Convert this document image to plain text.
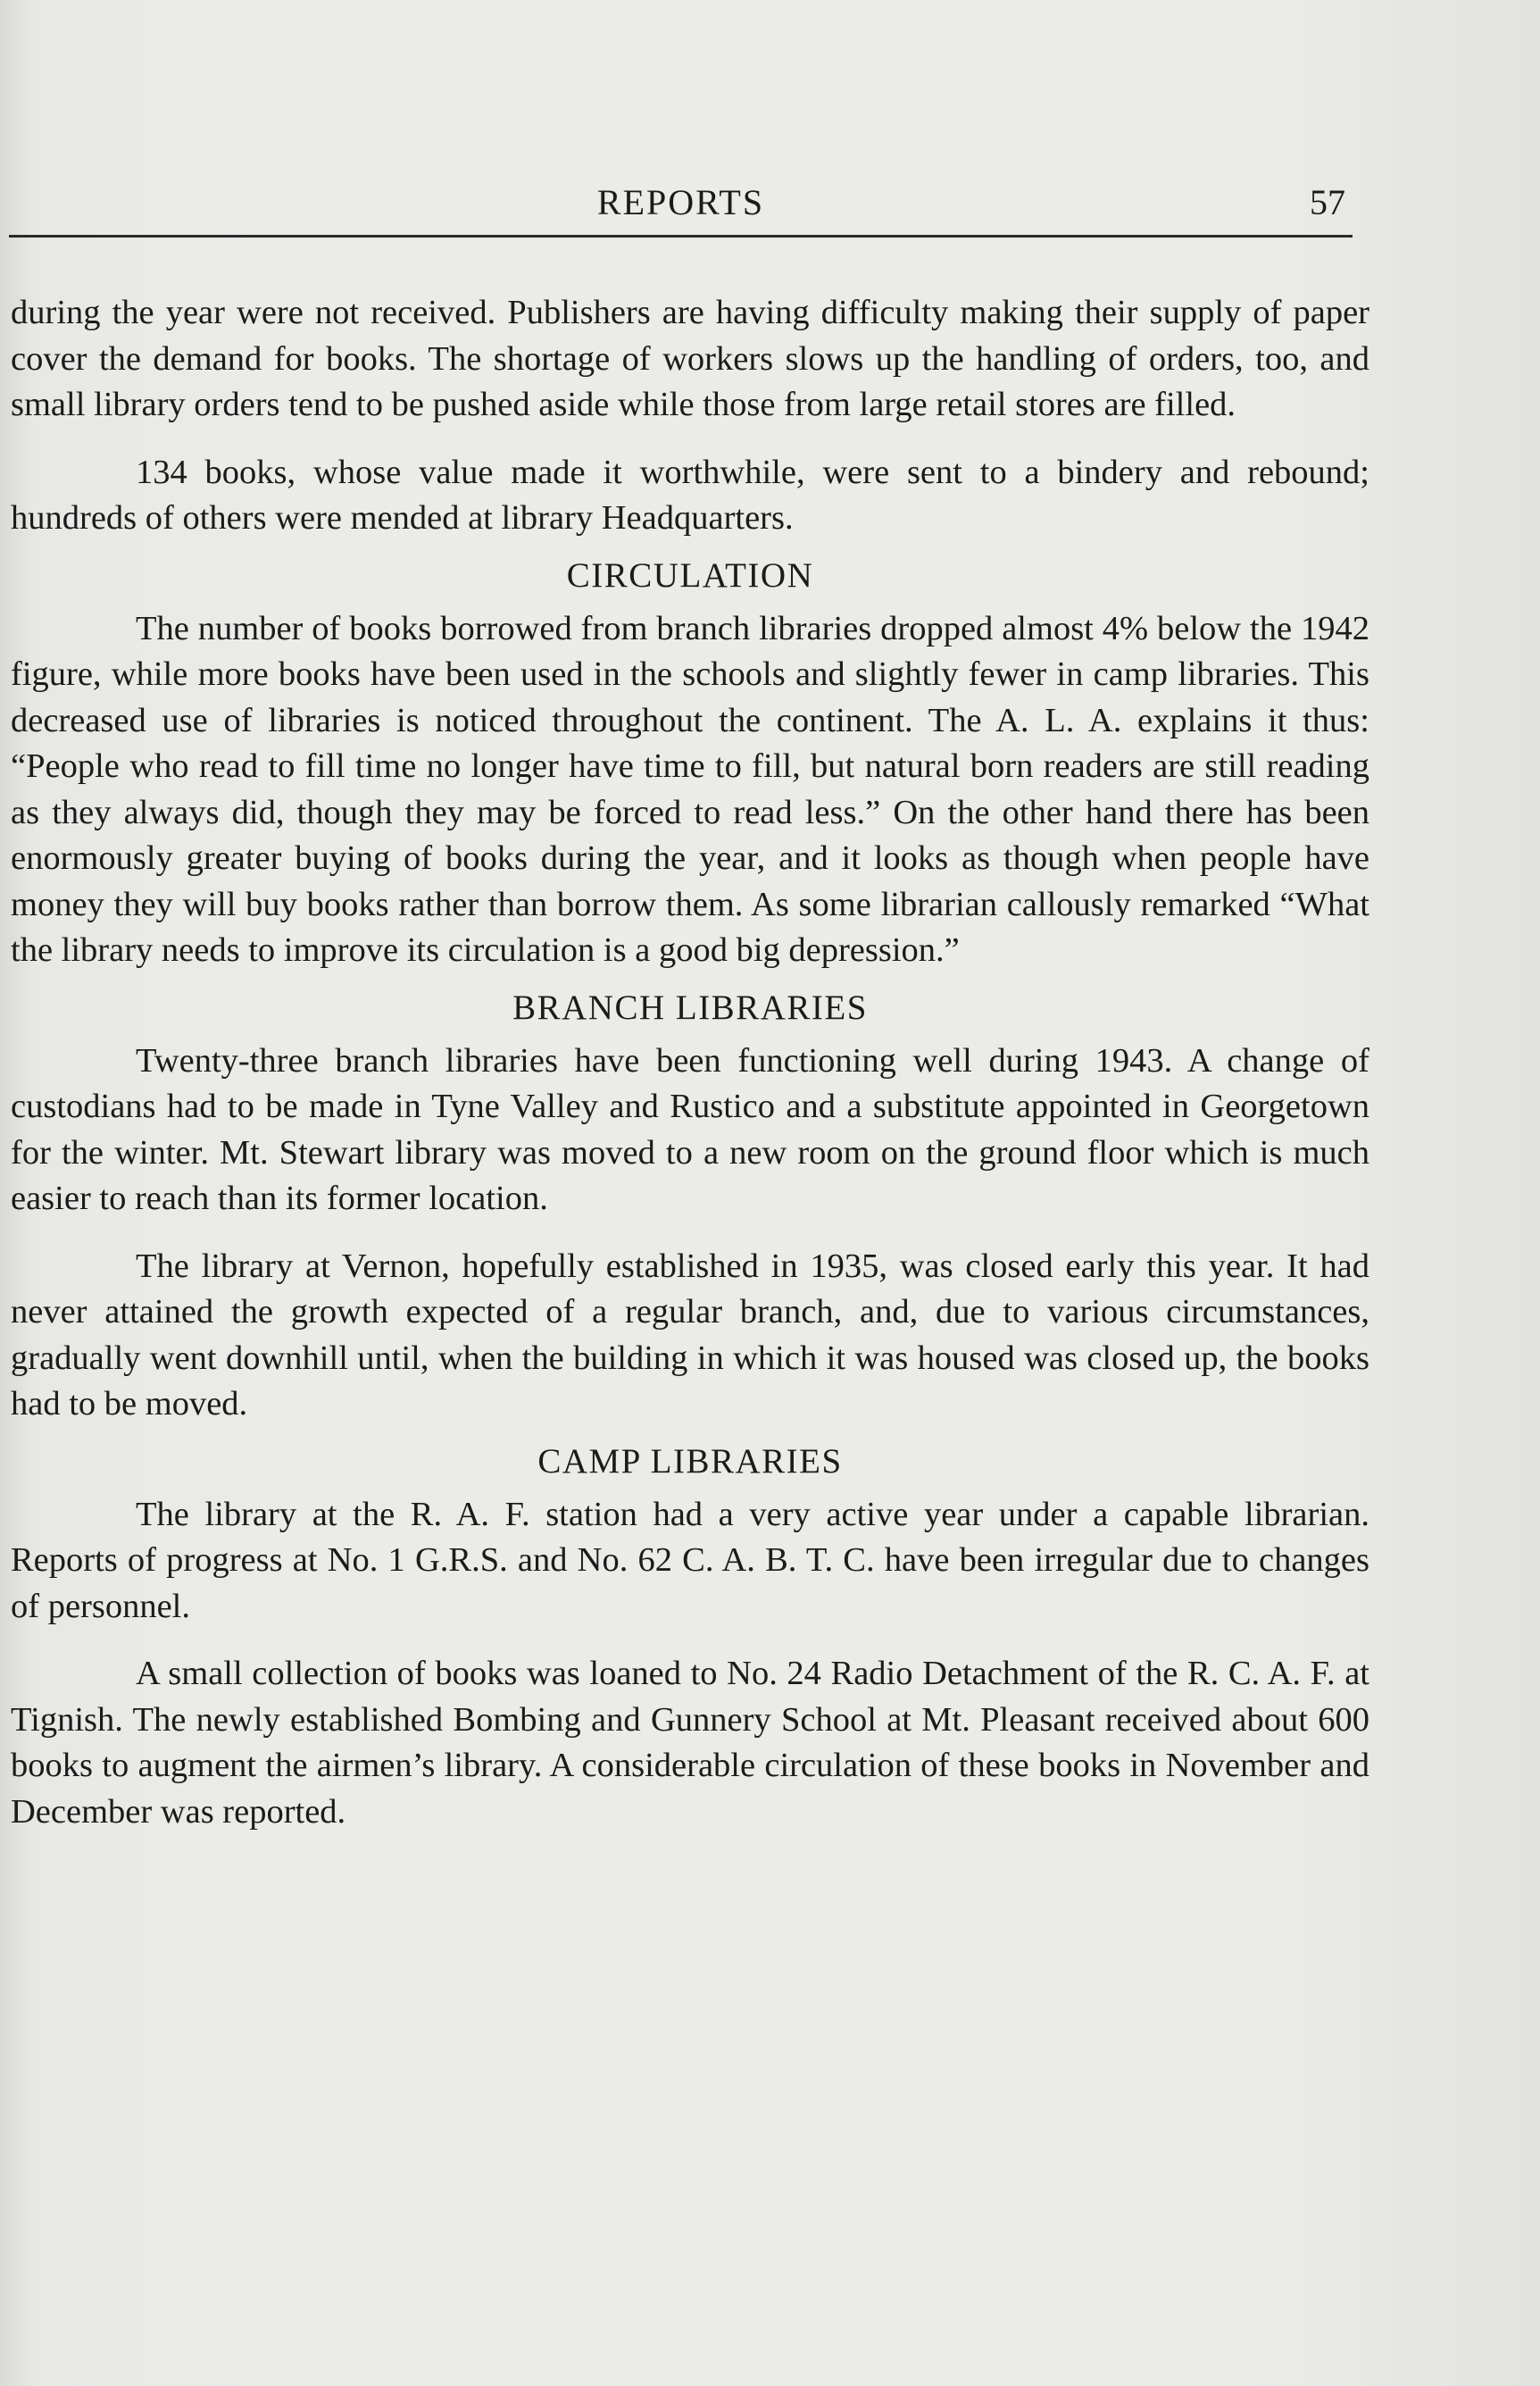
REPORTS	57

during the year were not received. Publishers are having difficulty making their supply of paper cover the demand for books. The shortage of workers slows up the handling of orders, too, and small library orders tend to be pushed aside while those from large retail stores are filled.

134 books, whose value made it worthwhile, were sent to a bindery and rebound; hundreds of others were mended at library Headquarters.

CIRCULATION

The number of books borrowed from branch libraries dropped almost 4% below the 1942 figure, while more books have been used in the schools and slightly fewer in camp libraries. This decreased use of libraries is noticed throughout the continent. The A. L. A. explains it thus: “People who read to fill time no longer have time to fill, but natural born readers are still reading as they always did, though they may be forced to read less.” On the other hand there has been enormously greater buying of books during the year, and it looks as though when people have money they will buy books rather than borrow them. As some librarian callously remarked “What the library needs to improve its circulation is a good big depression.”

BRANCH LIBRARIES

Twenty-three branch libraries have been functioning well during 1943. A change of custodians had to be made in Tyne Valley and Rustico and a substitute appointed in Georgetown for the winter. Mt. Stewart library was moved to a new room on the ground floor which is much easier to reach than its former location.

The library at Vernon, hopefully established in 1935, was closed early this year. It had never attained the growth expected of a regular branch, and, due to various circumstances, gradually went downhill until, when the building in which it was housed was closed up, the books had to be moved.

CAMP LIBRARIES

The library at the R. A. F. station had a very active year under a capable librarian. Reports of progress at No. 1 G.R.S. and No. 62 C. A. B. T. C. have been irregular due to changes of personnel.

A small collection of books was loaned to No. 24 Radio Detachment of the R. C. A. F. at Tignish. The newly established Bombing and Gunnery School at Mt. Pleasant received about 600 books to augment the airmen’s library. A considerable circulation of these books in November and December was reported.
